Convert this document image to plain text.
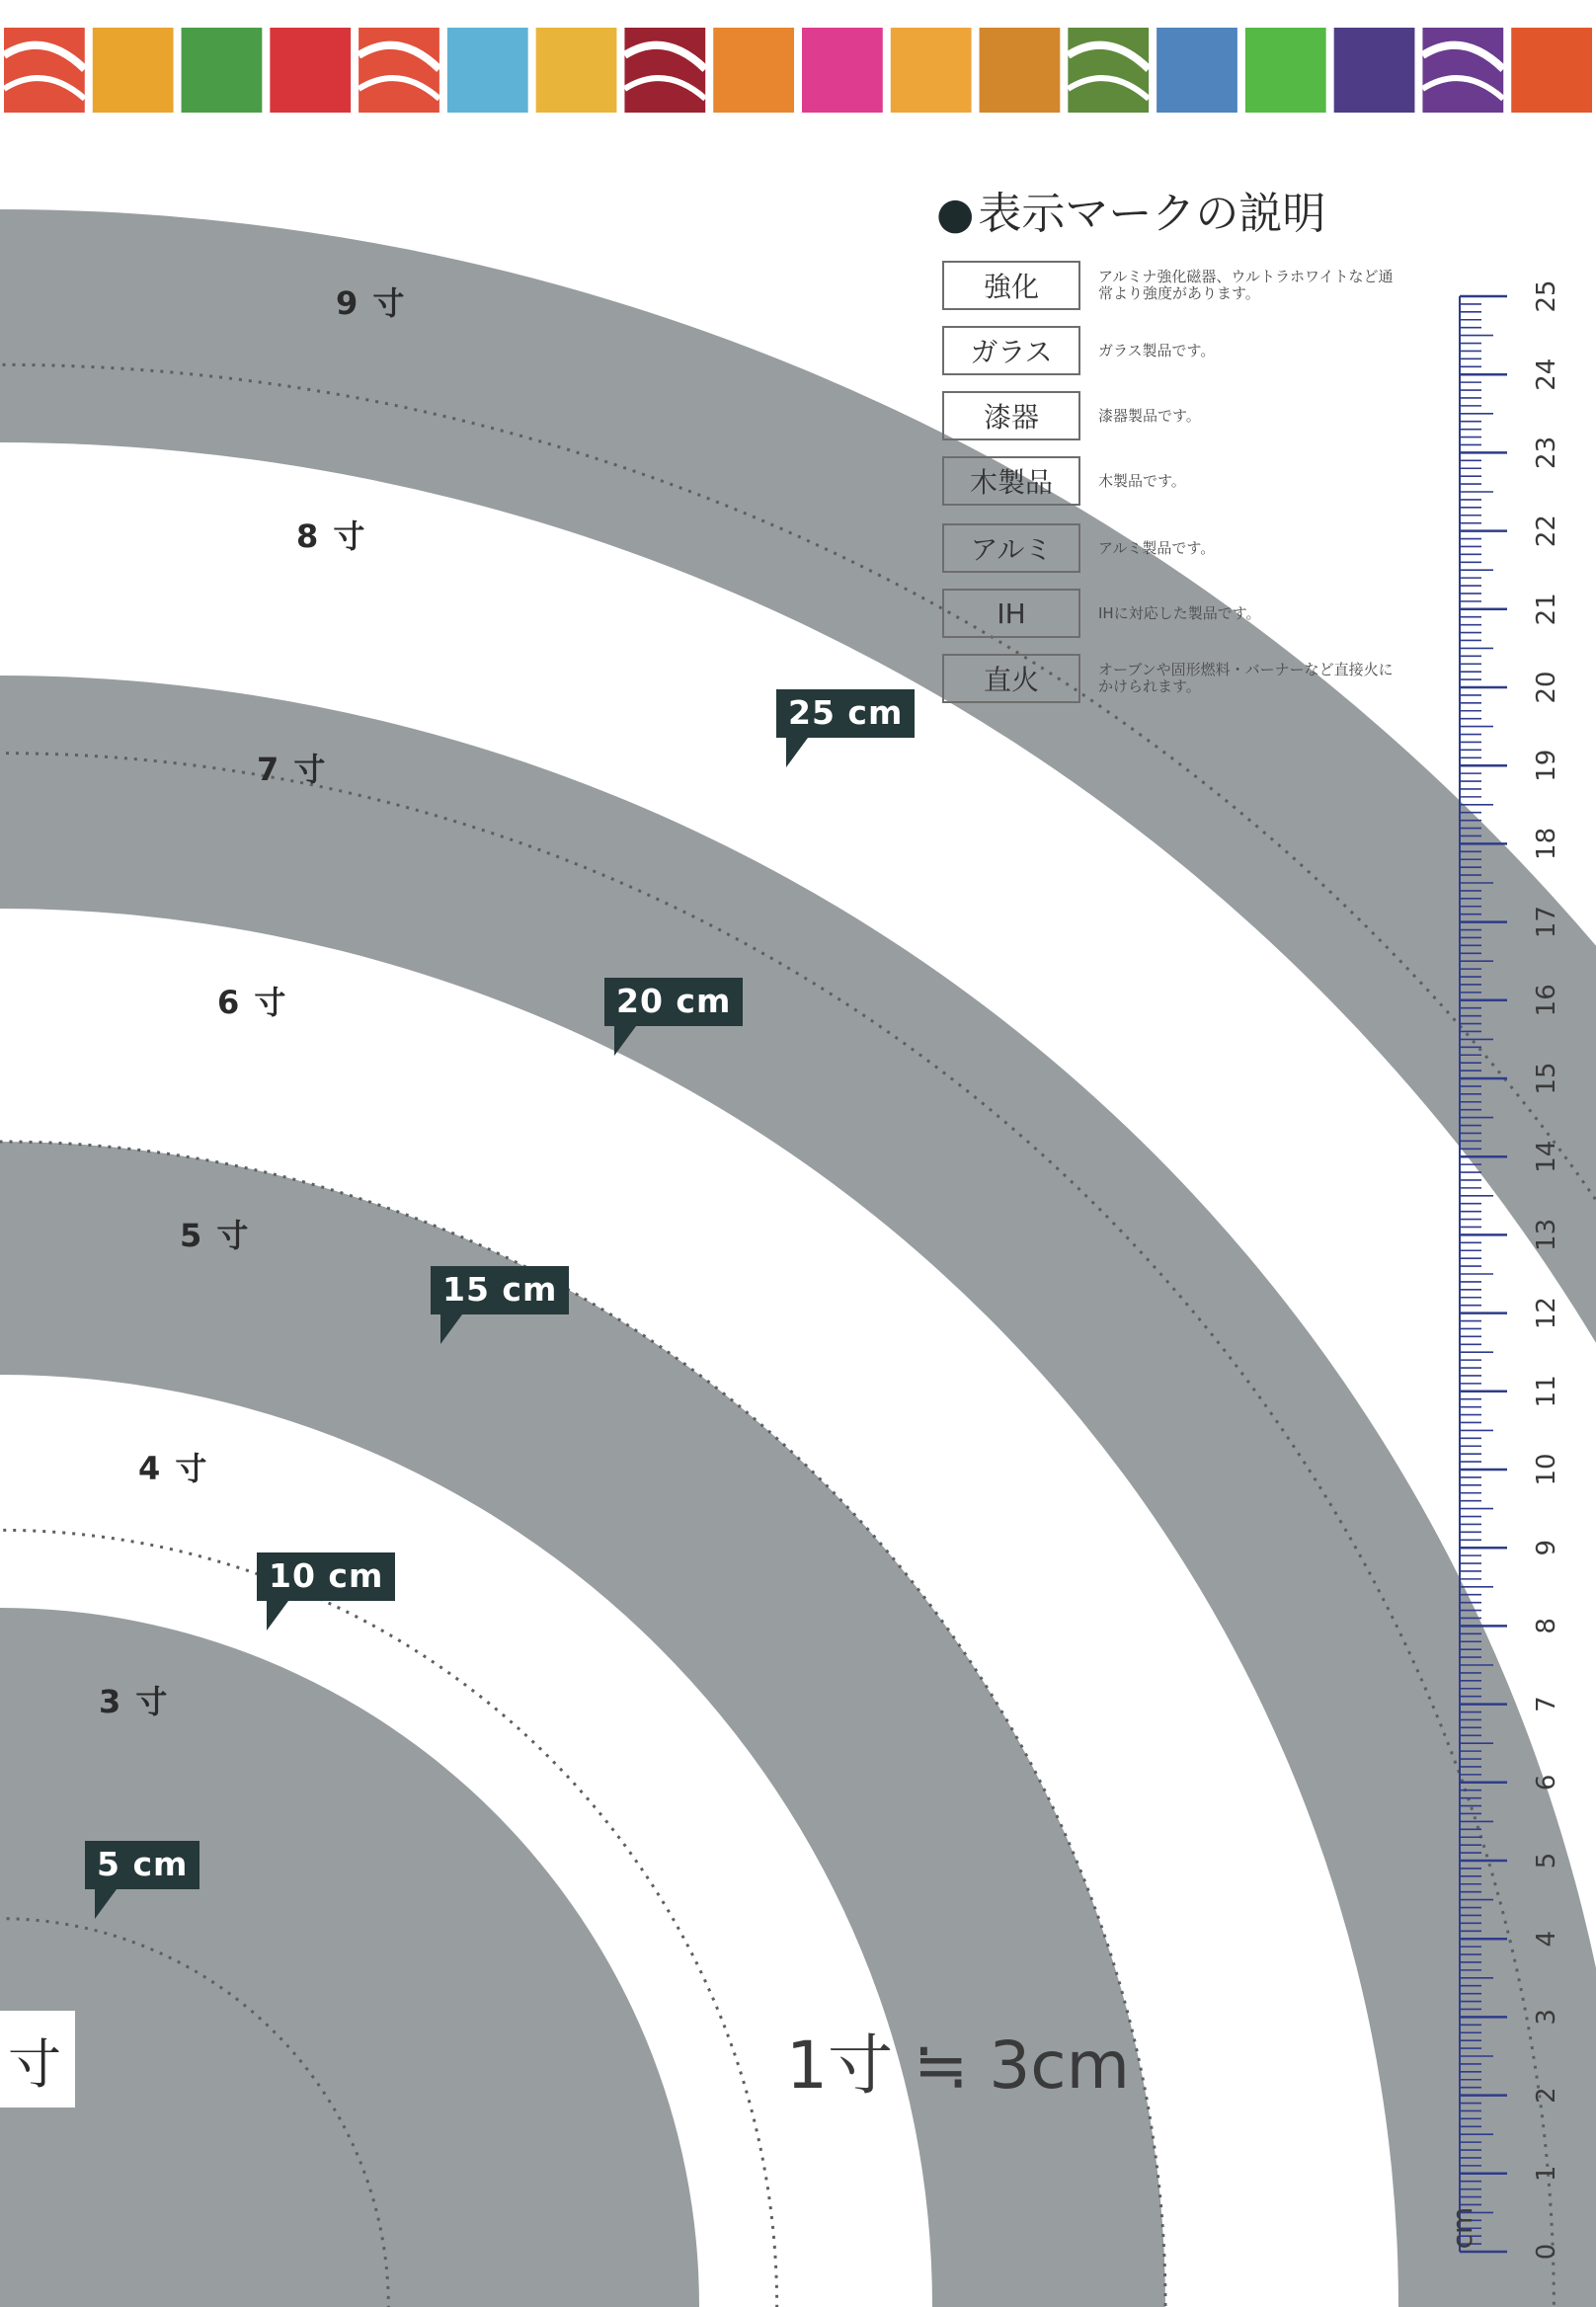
9 寸
8 寸
7 寸
6 寸
5 寸
4 寸
3 寸
25 cm
20 cm
15 cm
10 cm
5 cm
寸
●表示マークの説明
強化	アルミナ強化磁器、ウルトラホワイトなど通常より強度があります。
ガラス	ガラス製品です。
漆器	漆器製品です。
木製品	木製品です。
アルミ	アルミ製品です。
IH	IHに対応した製品です。
直火	オーブンや固形燃料・バーナーなど直接火にかけられます。
1寸 ≒ 3cm
0
1
2
3
4
5
6
7
8
9
10
11
12
13
14
15
16
17
18
19
20
21
22
23
24
25
cm
